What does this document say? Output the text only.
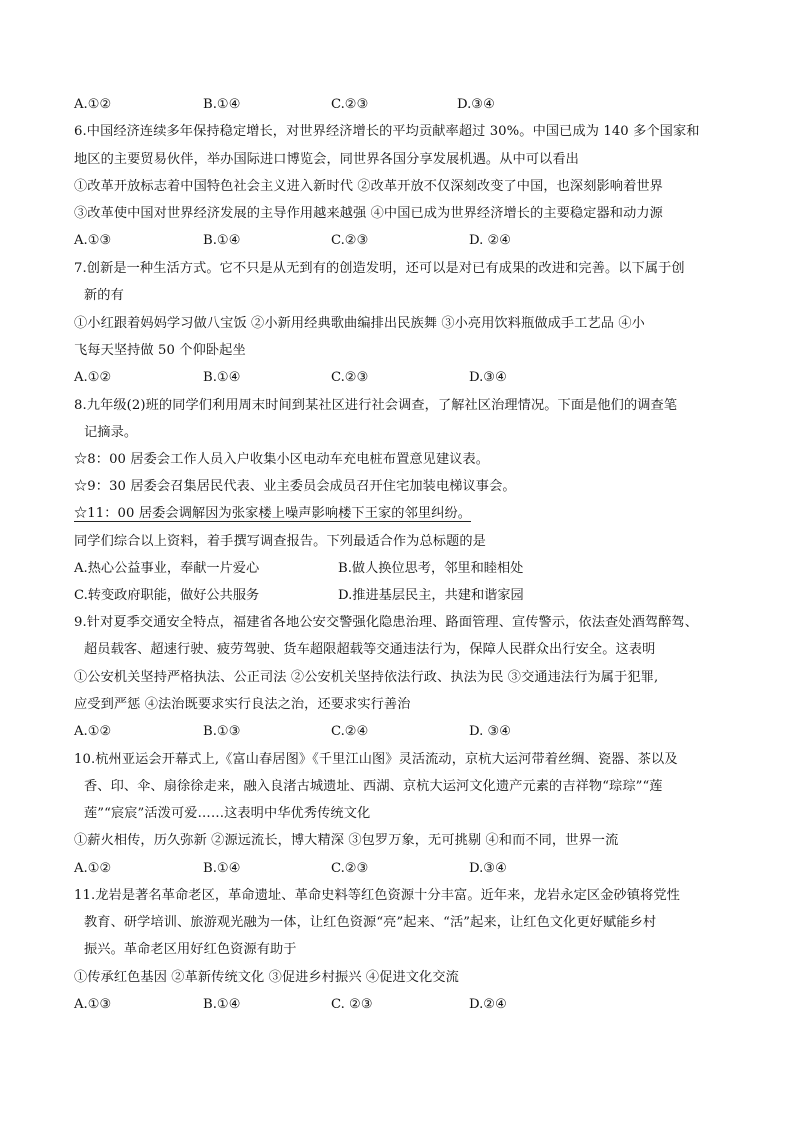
A.①②	B.①④	C.②③	D.③④
6.中国经济连续多年保持稳定增长，对世界经济增长的平均贡献率超过 30%。中国已成为 140 多个国家和
地区的主要贸易伙伴，举办国际进口博览会，同世界各国分享发展机遇。从中可以看出
①改革开放标志着中国特色社会主义进入新时代 ②改革开放不仅深刻改变了中国，也深刻影响着世界
③改革使中国对世界经济发展的主导作用越来越强 ④中国已成为世界经济增长的主要稳定器和动力源
A.①③	B.①④	C.②③	D. ②④
7.创新是一种生活方式。它不只是从无到有的创造发明，还可以是对已有成果的改进和完善。以下属于创
新的有
①小红跟着妈妈学习做八宝饭 ②小新用经典歌曲编排出民族舞 ③小亮用饮料瓶做成手工艺品 ④小
飞每天坚持做 50 个仰卧起坐
A.①②	B.①④	C.②③	D.③④
8.九年级(2)班的同学们利用周末时间到某社区进行社会调查，了解社区治理情况。下面是他们的调查笔
记摘录。
☆8：00 居委会工作人员入户收集小区电动车充电桩布置意见建议表。
☆9：30 居委会召集居民代表、业主委员会成员召开住宅加装电梯议事会。
☆11：00 居委会调解因为张家楼上噪声影响楼下王家的邻里纠纷。
同学们综合以上资料，着手撰写调查报告。下列最适合作为总标题的是
A.热心公益事业，奉献一片爱心	B.做人换位思考，邻里和睦相处
C.转变政府职能，做好公共服务	D.推进基层民主，共建和谐家园
9.针对夏季交通安全特点，福建省各地公安交警强化隐患治理、路面管理、宣传警示，依法查处酒驾醉驾、
超员载客、超速行驶、疲劳驾驶、货车超限超载等交通违法行为，保障人民群众出行安全。这表明
①公安机关坚持严格执法、公正司法 ②公安机关坚持依法行政、执法为民 ③交通违法行为属于犯罪,
应受到严惩 ④法治既要求实行良法之治，还要求实行善治
A.①②	B.①③	C.②④	D. ③④
10.杭州亚运会开幕式上,《富山春居图》《千里江山图》灵活流动，京杭大运河带着丝绸、瓷器、茶以及
香、印、伞、扇徐徐走来，融入良渚古城遗址、西湖、京杭大运河文化遗产元素的吉祥物“琮琮”“莲
莲”“宸宸”活泼可爱……这表明中华优秀传统文化
①薪火相传，历久弥新 ②源远流长，博大精深 ③包罗万象，无可挑剔 ④和而不同，世界一流
A.①②	B.①④	C.②③	D.③④
11.龙岩是著名革命老区，革命遗址、革命史料等红色资源十分丰富。近年来，龙岩永定区金砂镇将党性
教育、研学培训、旅游观光融为一体，让红色资源“亮”起来、“活”起来，让红色文化更好赋能乡村
振兴。革命老区用好红色资源有助于
①传承红色基因 ②革新传统文化 ③促进乡村振兴 ④促进文化交流
A.①③	B.①④	C. ②③	D.②④
